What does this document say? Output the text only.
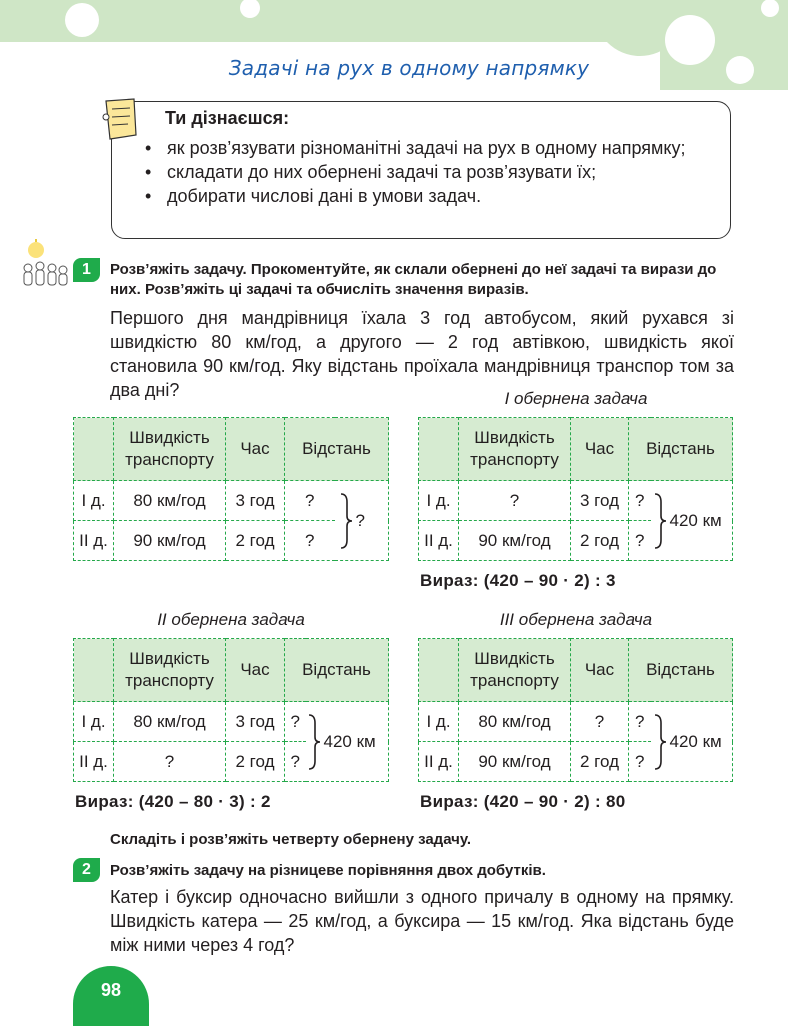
Задачі на рух в одному напрямку
Ти дізнаєшся:
• як розв’язувати різноманітні задачі на рух в одному напрямку;
• складати до них обернені задачі та розв’язувати їх;
• добирати числові дані в умови задач.
1	Розв’яжіть задачу. Прокоментуйте, як склали обернені до неї задачі та вирази до них. Розв’яжіть ці задачі та обчисліть значення виразів.
Першого дня мандрівниця їхала 3 год автобусом, який рухався зі швидкістю 80 км/год, а другого — 2 год автівкою, швидкість якої становила 90 км/год. Яку відстань проїхала мандрівниця транспор том за два дні?	І обернена задача
	Швидкість транспорту	Час	Відстань	
І д.	80 км/год	3 год	?	?

ІІ д.	90 км/год	2 год	?	
	Швидкість транспорту	Час	Відстань	
І д.	?	3 год	?	420 км

ІІ д.	90 км/год	2 год	?	
Вираз: (420 – 90 · 2) : 3
ІІ обернена задача	ІІІ обернена задача
	Швидкість транспорту	Час	Відстань	
І д.	80 км/год	3 год	?	420 км

ІІ д.	?	2 год	?	
Вираз: (420 – 80 · 3) : 2
	Швидкість транспорту	Час	Відстань	
І д.	80 км/год	?	?	420 км

ІІ д.	90 км/год	2 год	?	
Вираз: (420 – 90 · 2) : 80
Складіть і розв’яжіть четверту обернену задачу.
2	Розв’яжіть задачу на різницеве порівняння двох добутків.
Катер і буксир одночасно вийшли з одного причалу в одному на прямку. Швидкість катера — 25 км/год, а буксира — 15 км/год. Яка відстань буде між ними через 4 год?
98
